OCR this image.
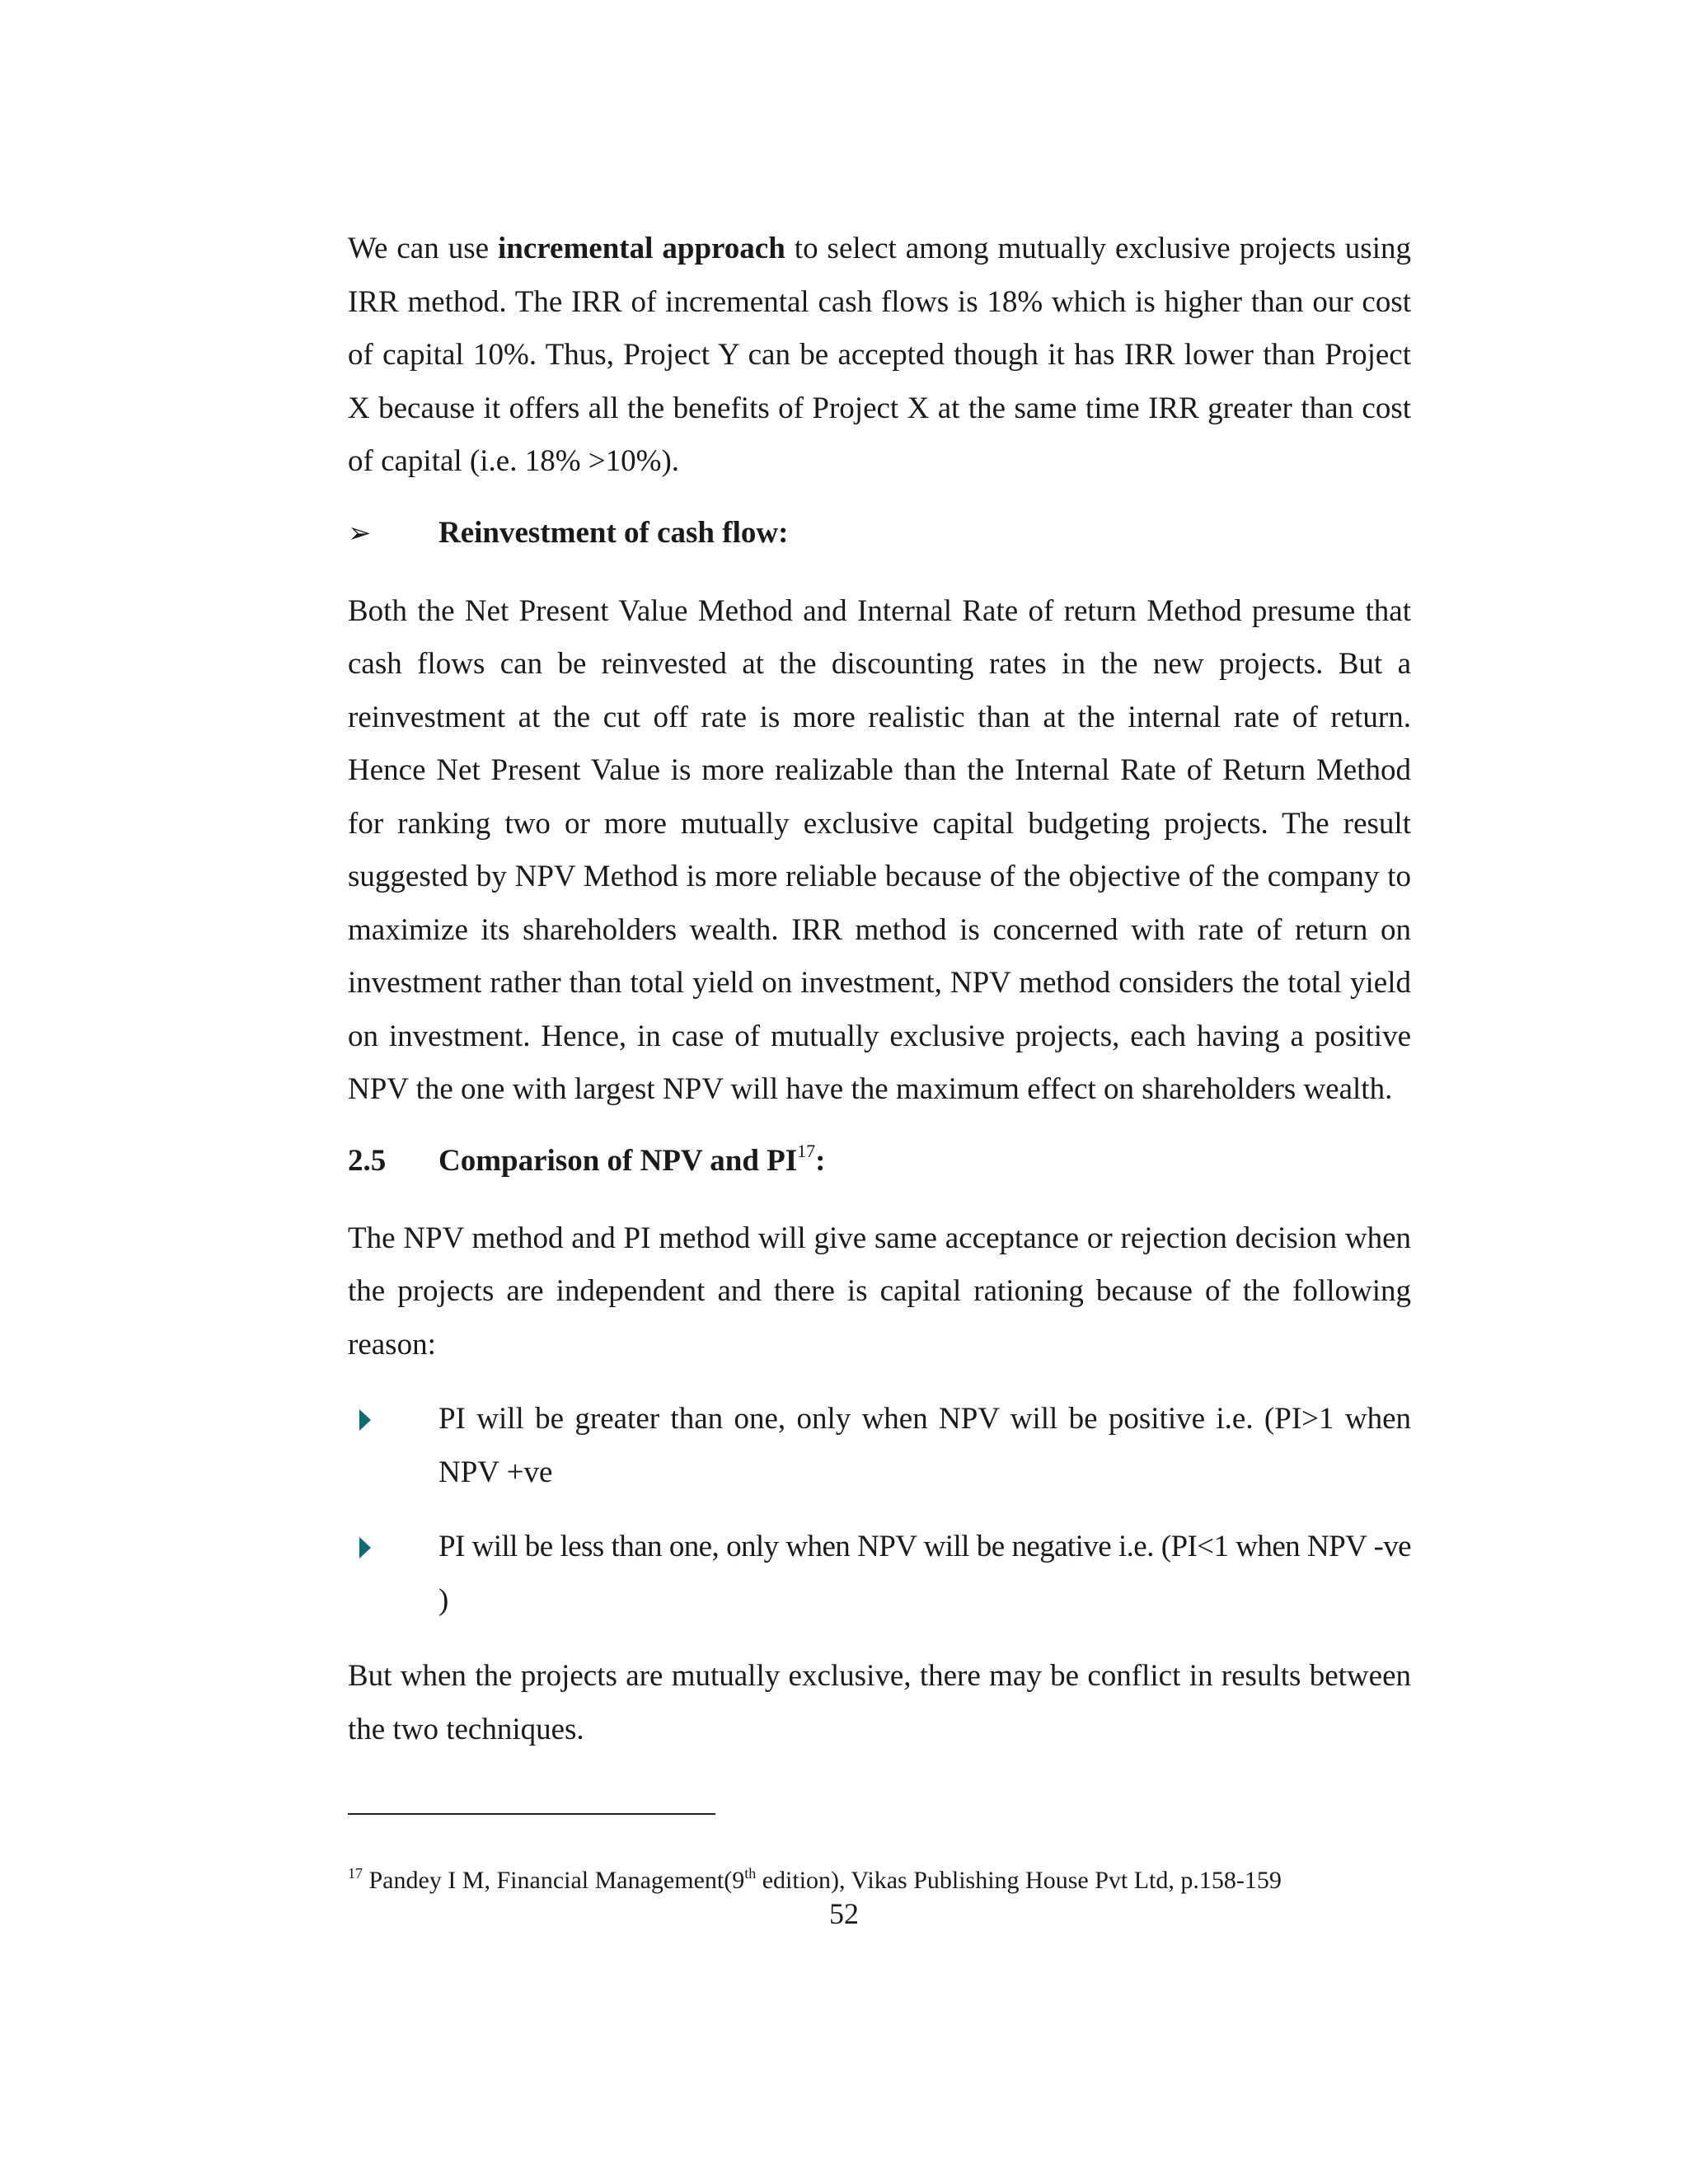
We can use incremental approach to select among mutually exclusive projects using IRR method. The IRR of incremental cash flows is 18% which is higher than our cost of capital 10%. Thus, Project Y can be accepted though it has IRR lower than Project X because it offers all the benefits of Project X at the same time IRR greater than cost of capital (i.e. 18% >10%).

➢	Reinvestment of cash flow:

Both the Net Present Value Method and Internal Rate of return Method presume that cash flows can be reinvested at the discounting rates in the new projects. But a reinvestment at the cut off rate is more realistic than at the internal rate of return. Hence Net Present Value is more realizable than the Internal Rate of Return Method for ranking two or more mutually exclusive capital budgeting projects. The result suggested by NPV Method is more reliable because of the objective of the company to maximize its shareholders wealth. IRR method is concerned with rate of return on investment rather than total yield on investment, NPV method considers the total yield on investment. Hence, in case of mutually exclusive projects, each having a positive NPV the one with largest NPV will have the maximum effect on shareholders wealth.

2.5	Comparison of NPV and PI$^{17}$:

The NPV method and PI method will give same acceptance or rejection decision when the projects are independent and there is capital rationing because of the following reason:

PI will be greater than one, only when NPV will be positive i.e. (PI>1 when NPV +ve

PI will be less than one, only when NPV will be negative i.e. (PI<1 when NPV -ve )

But when the projects are mutually exclusive, there may be conflict in results between the two techniques.

$^{17}$ Pandey I M, Financial Management(9th edition), Vikas Publishing House Pvt Ltd, p.158-159
52
